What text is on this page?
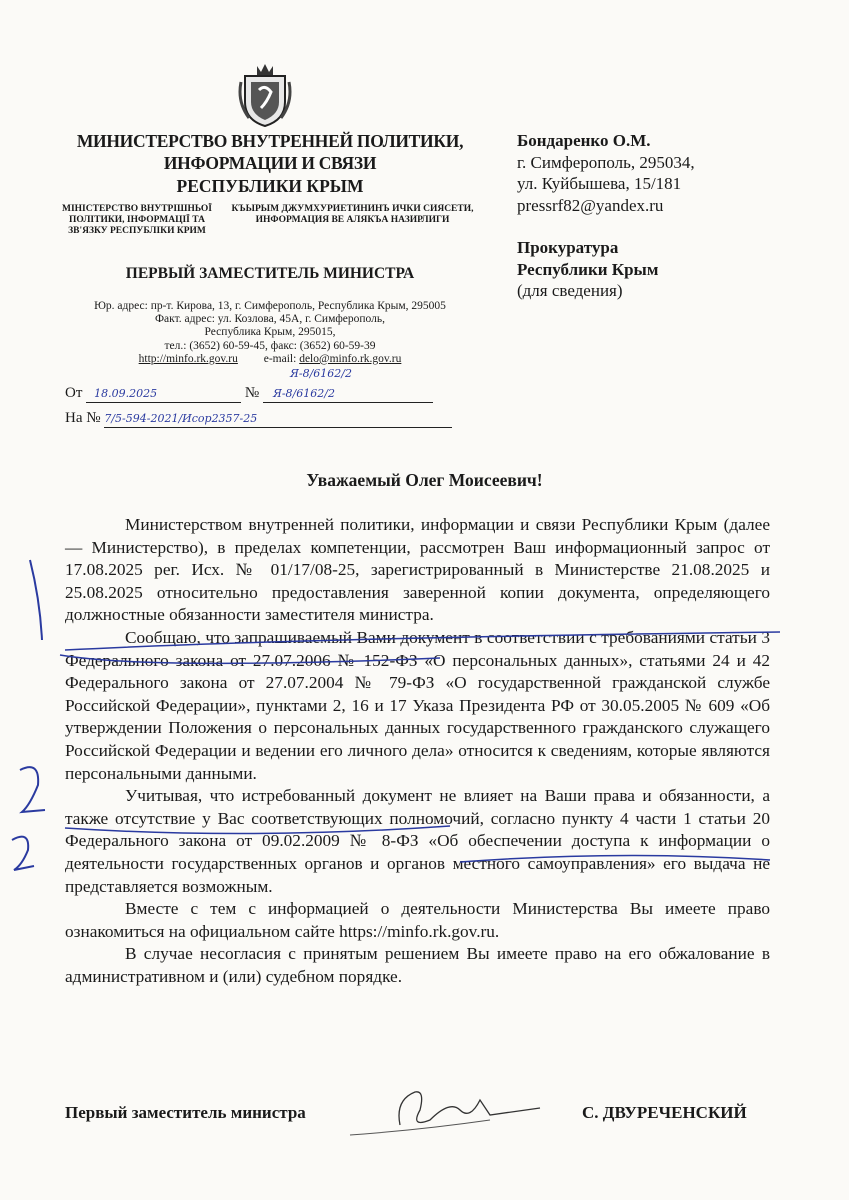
МИНИСТЕРСТВО ВНУТРЕННЕЙ ПОЛИТИКИ,
ИНФОРМАЦИИ И СВЯЗИ
РЕСПУБЛИКИ КРЫМ
МІНІСТЕРСТВО ВНУТРІШНЬОЇ
ПОЛІТИКИ, ІНФОРМАЦІЇ ТА
ЗВ'ЯЗКУ РЕСПУБЛІКИ КРИМ
КЪЫРЫМ ДЖУМХУРИЕТИНИНЪ ИЧКИ СИЯСЕТИ,
ИНФОРМАЦИЯ ВЕ АЛЯКЪА НАЗИРЛИГИ
ПЕРВЫЙ ЗАМЕСТИТЕЛЬ МИНИСТРА
Юр. адрес: пр-т. Кирова, 13, г. Симферополь, Республика Крым, 295005
Факт. адрес: ул. Козлова, 45А, г. Симферополь,
Республика Крым, 295015,
тел.: (3652) 60-59-45, факс: (3652) 60-59-39
http://minfo.rk.gov.ru e-mail: delo@minfo.rk.gov.ru
Я-8/6162/2
От 18.09.2025	№ Я-8/6162/2
На № 7/5-594-2021/Исор2357-25
Бондаренко О.М.
г. Симферополь, 295034,
ул. Куйбышева, 15/181
pressrf82@yandex.ru
Прокуратура
Республики Крым
(для сведения)
Уважаемый Олег Моисеевич!

Министерством внутренней политики, информации и связи Республики Крым (далее — Министерство), в пределах компетенции, рассмотрен Ваш информационный запрос от 17.08.2025 рег. Исх. № 01/17/08-25, зарегистрированный в Министерстве 21.08.2025 и 25.08.2025 относительно предоставления заверенной копии документа, определяющего должностные обязанности заместителя министра.

Сообщаю, что запрашиваемый Вами документ в соответствии с требованиями статьи 3 Федерального закона от 27.07.2006 № 152-ФЗ «О персональных данных», статьями 24 и 42 Федерального закона от 27.07.2004 № 79-ФЗ «О государственной гражданской службе Российской Федерации», пунктами 2, 16 и 17 Указа Президента РФ от 30.05.2005 № 609 «Об утверждении Положения о персональных данных государственного гражданского служащего Российской Федерации и ведении его личного дела» относится к сведениям, которые являются персональными данными.

Учитывая, что истребованный документ не влияет на Ваши права и обязанности, а также отсутствие у Вас соответствующих полномочий, согласно пункту 4 части 1 статьи 20 Федерального закона от 09.02.2009 № 8-ФЗ «Об обеспечении доступа к информации о деятельности государственных органов и органов местного самоуправления» его выдача не представляется возможным.

Вместе с тем с информацией о деятельности Министерства Вы имеете право ознакомиться на официальном сайте https://minfo.rk.gov.ru.

В случае несогласия с принятым решением Вы имеете право на его обжалование в административном и (или) судебном порядке.

Первый заместитель министра	С. ДВУРЕЧЕНСКИЙ
